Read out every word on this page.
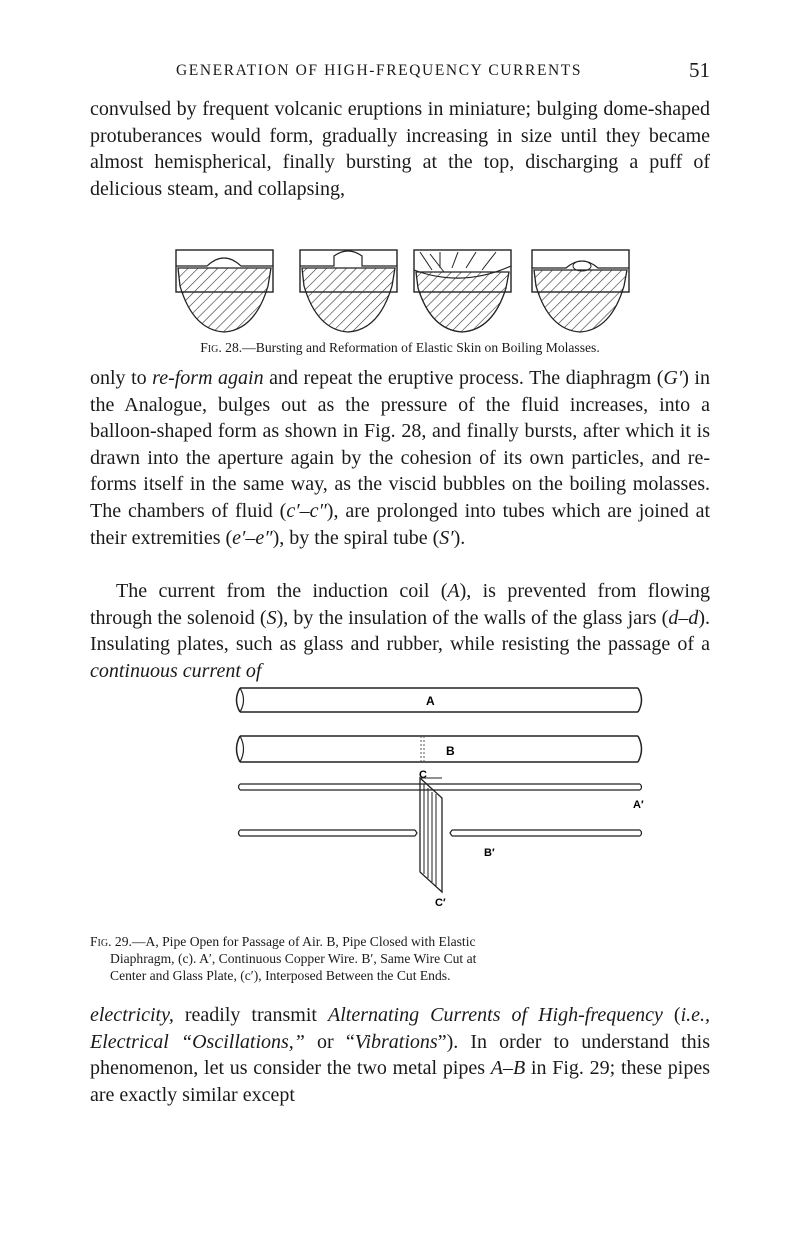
GENERATION OF HIGH-FREQUENCY CURRENTS	51

convulsed by frequent volcanic eruptions in miniature; bulging dome-shaped protuberances would form, gradually increasing in size until they became almost hemispherical, finally bursting at the top, discharging a puff of delicious steam, and collapsing,

Fig. 28.—Bursting and Reformation of Elastic Skin on Boiling Molasses.

only to re-form again and repeat the eruptive process. The diaphragm (G′) in the Analogue, bulges out as the pressure of the fluid increases, into a balloon-shaped form as shown in Fig. 28, and finally bursts, after which it is drawn into the aperture again by the cohesion of its own particles, and re-forms itself in the same way, as the viscid bubbles on the boiling molasses. The chambers of fluid (c′–c″), are prolonged into tubes which are joined at their extremities (e′–e″), by the spiral tube (S′).

The current from the induction coil (A), is prevented from flowing through the solenoid (S), by the insulation of the walls of the glass jars (d–d). Insulating plates, such as glass and rubber, while resisting the passage of a continuous current of

A
B
C
A′
B′
C′

Fig. 29.—A, Pipe Open for Passage of Air. B, Pipe Closed with Elastic
Diaphragm, (c). A′, Continuous Copper Wire. B′, Same Wire Cut at
Center and Glass Plate, (c′), Interposed Between the Cut Ends.

electricity, readily transmit Alternating Currents of High-frequency (i.e., Electrical “Oscillations,” or “Vibrations”). In order to understand this phenomenon, let us consider the two metal pipes A–B in Fig. 29; these pipes are exactly similar except
